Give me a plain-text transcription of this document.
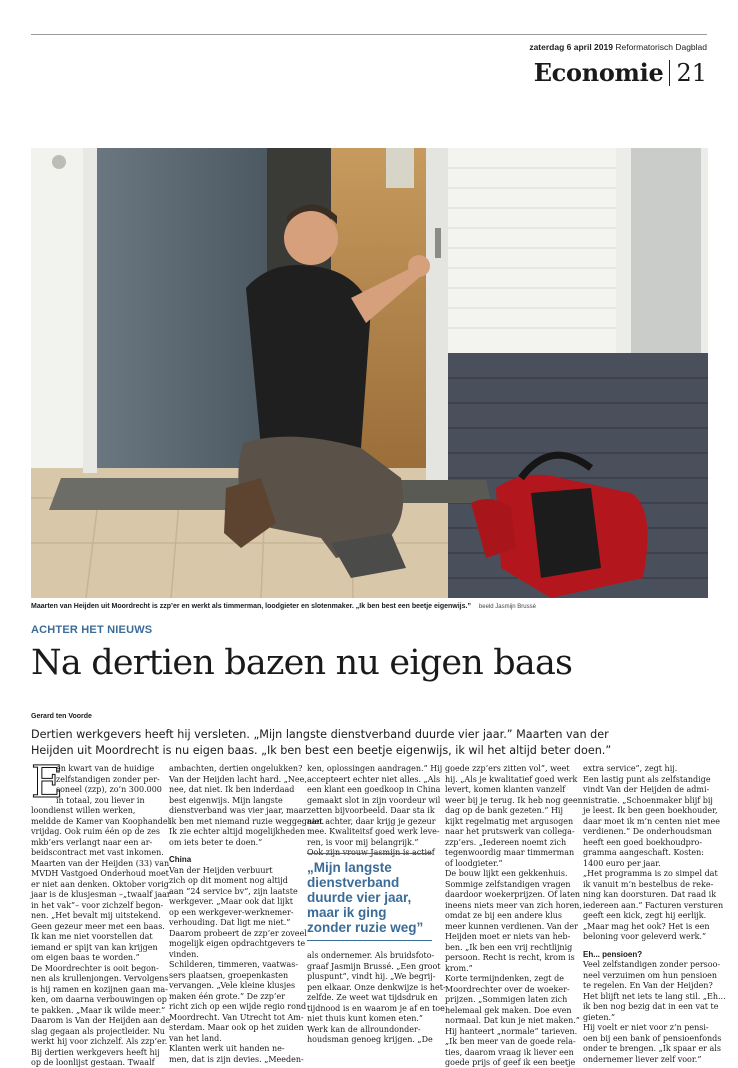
zaterdag 6 april 2019 Reformatorisch Dagblad
Economie 21
Maarten van Heijden uit Moordrecht is zzp’er en werkt als timmerman, loodgieter en slotenmaker. „Ik ben best een beetje eigenwijs.” beeld Jasmijn Brussé
ACHTER HET NIEUWS
Na dertien bazen nu eigen baas
Gerard ten Voorde
Dertien werkgevers heeft hij versleten. „Mijn langste dienstverband duurde vier jaar.” Maarten van der
Heijden uit Moordrecht is nu eigen baas. „Ik ben best een beetje eigenwijs, ik wil het altijd beter doen.”
E
en kwart van de huidige
zelfstandigen zonder per-
soneel (zzp), zo’n 300.000
in totaal, zou liever in
loondienst willen werken,
meldde de Kamer van Koophandel
vrijdag. Ook ruim één op de zes
mkb’ers verlangt naar een ar-
beidscontract met vast inkomen.
Maarten van der Heijden (33) van
MVDH Vastgoed Onderhoud moet
er niet aan denken. Oktober vorig
jaar is de klusjesman –„twaalf jaar
in het vak”– voor zichzelf begon-
nen. „Het bevalt mij uitstekend.
Geen gezeur meer met een baas.
Ik kan me niet voorstellen dat
iemand er spijt van kan krijgen
om eigen baas te worden.”
De Moordrechter is ooit begon-
nen als krullenjongen. Vervolgens
is hij ramen en kozijnen gaan ma-
ken, om daarna verbouwingen op
te pakken. „Maar ik wilde meer.”
Daarom is Van der Heijden aan de
slag gegaan als projectleider. Nu
werkt hij voor zichzelf. Als zzp’er.
Bij dertien werkgevers heeft hij
op de loonlijst gestaan. Twaalf
ambachten, dertien ongelukken?
Van der Heijden lacht hard. „Nee,
nee, dat niet. Ik ben inderdaad
best eigenwijs. Mijn langste
dienstverband was vier jaar, maar
ik ben met niemand ruzie weggegaan.
Ik zie echter altijd mogelijkheden
om iets beter te doen.”
China
Van der Heijden verbuurt
zich op dit moment nog altijd
aan ”24 service bv”, zijn laatste
werkgever. „Maar ook dat lijkt
op een werkgever-werknemer-
verhouding. Dat ligt me niet.”
Daarom probeert de zzp’er zoveel
mogelijk eigen opdrachtgevers te
vinden.
Schilderen, timmeren, vaatwas-
sers plaatsen, groepenkasten
vervangen. „Vele kleine klusjes
maken één grote.” De zzp’er
richt zich op een wijde regio rond
Moordrecht. Van Utrecht tot Am-
sterdam. Maar ook op het zuiden
van het land.
Klanten werk uit handen ne-
men, dat is zijn devies. „Meeden-
ken, oplossingen aandragen.” Hij
accepteert echter niet alles. „Als
een klant een goedkoop in China
gemaakt slot in zijn voordeur wil
zetten bijvoorbeeld. Daar sta ik
niet achter, daar krijg je gezeur
mee. Kwaliteitsf goed werk leve-
ren, is voor mij belangrijk.”
Ook zijn vrouw Jasmijn is actief
als ondernemer. Als bruidsfoto-
graaf Jasmijn Brussé. „Een groot
pluspunt”, vindt hij. „We begrij-
pen elkaar. Onze denkwijze is het-
zelfde. Ze weet wat tijdsdruk en
tijdnood is en waarom je af en toe
niet thuis kunt komen eten.”
Werk kan de allroundonder-
houdsman genoeg krijgen. „De
goede zzp’ers zitten vol”, weet
hij. „Als je kwalitatief goed werk
levert, komen klanten vanzelf
weer bij je terug. Ik heb nog geen
dag op de bank gezeten.” Hij
kijkt regelmatig met argusogen
naar het prutswerk van collega-
zzp’ers. „Iedereen noemt zich
tegenwoordig maar timmerman
of loodgieter.”
De bouw lijkt een gekkenhuis.
Sommige zelfstandigen vragen
daardoor woekerprijzen. Of laten
ineens niets meer van zich horen,
omdat ze bij een andere klus
meer kunnen verdienen. Van der
Heijden moet er niets van heb-
ben. „Ik ben een vrij rechtlijnig
persoon. Recht is recht, krom is
krom.”
Korte termijndenken, zegt de
Moordrechter over de woeker-
prijzen. „Sommigen laten zich
helemaal gek maken. Doe even
normaal. Dat kun je niet maken.”
Hij hanteert „normale” tarieven.
„Ik ben meer van de goede rela-
ties, daarom vraag ik liever een
goede prijs of geef ik een beetje
extra service”, zegt hij.
Een lastig punt als zelfstandige
vindt Van der Heijden de admi-
nistratie. „Schoenmaker blijf bij
je leest. Ik ben geen boekhouder,
daar moet ik m’n centen niet mee
verdienen.” De onderhoudsman
heeft een goed boekhoudpro-
gramma aangeschaft. Kosten:
1400 euro per jaar.
„Het programma is zo simpel dat
ik vanuit m’n bestelbus de reke-
ning kan doorsturen. Dat raad ik
iedereen aan.” Facturen versturen
geeft een kick, zegt hij eerlijk.
„Maar mag het ook? Het is een
beloning voor geleverd werk.”
Eh... pensioen?
Veel zelfstandigen zonder persoo-
neel verzuimen om hun pensioen
te regelen. En Van der Heijden?
Het blijft net iets te lang stil. „Eh...
ik ben nog bezig dat in een vat te
gieten.”
Hij voelt er niet voor z’n pensi-
oen bij een bank of pensioenfonds
onder te brengen. „Ik spaar er als
ondernemer liever zelf voor.”
„Mijn langste
dienstverband
duurde vier jaar,
maar ik ging
zonder ruzie weg”
